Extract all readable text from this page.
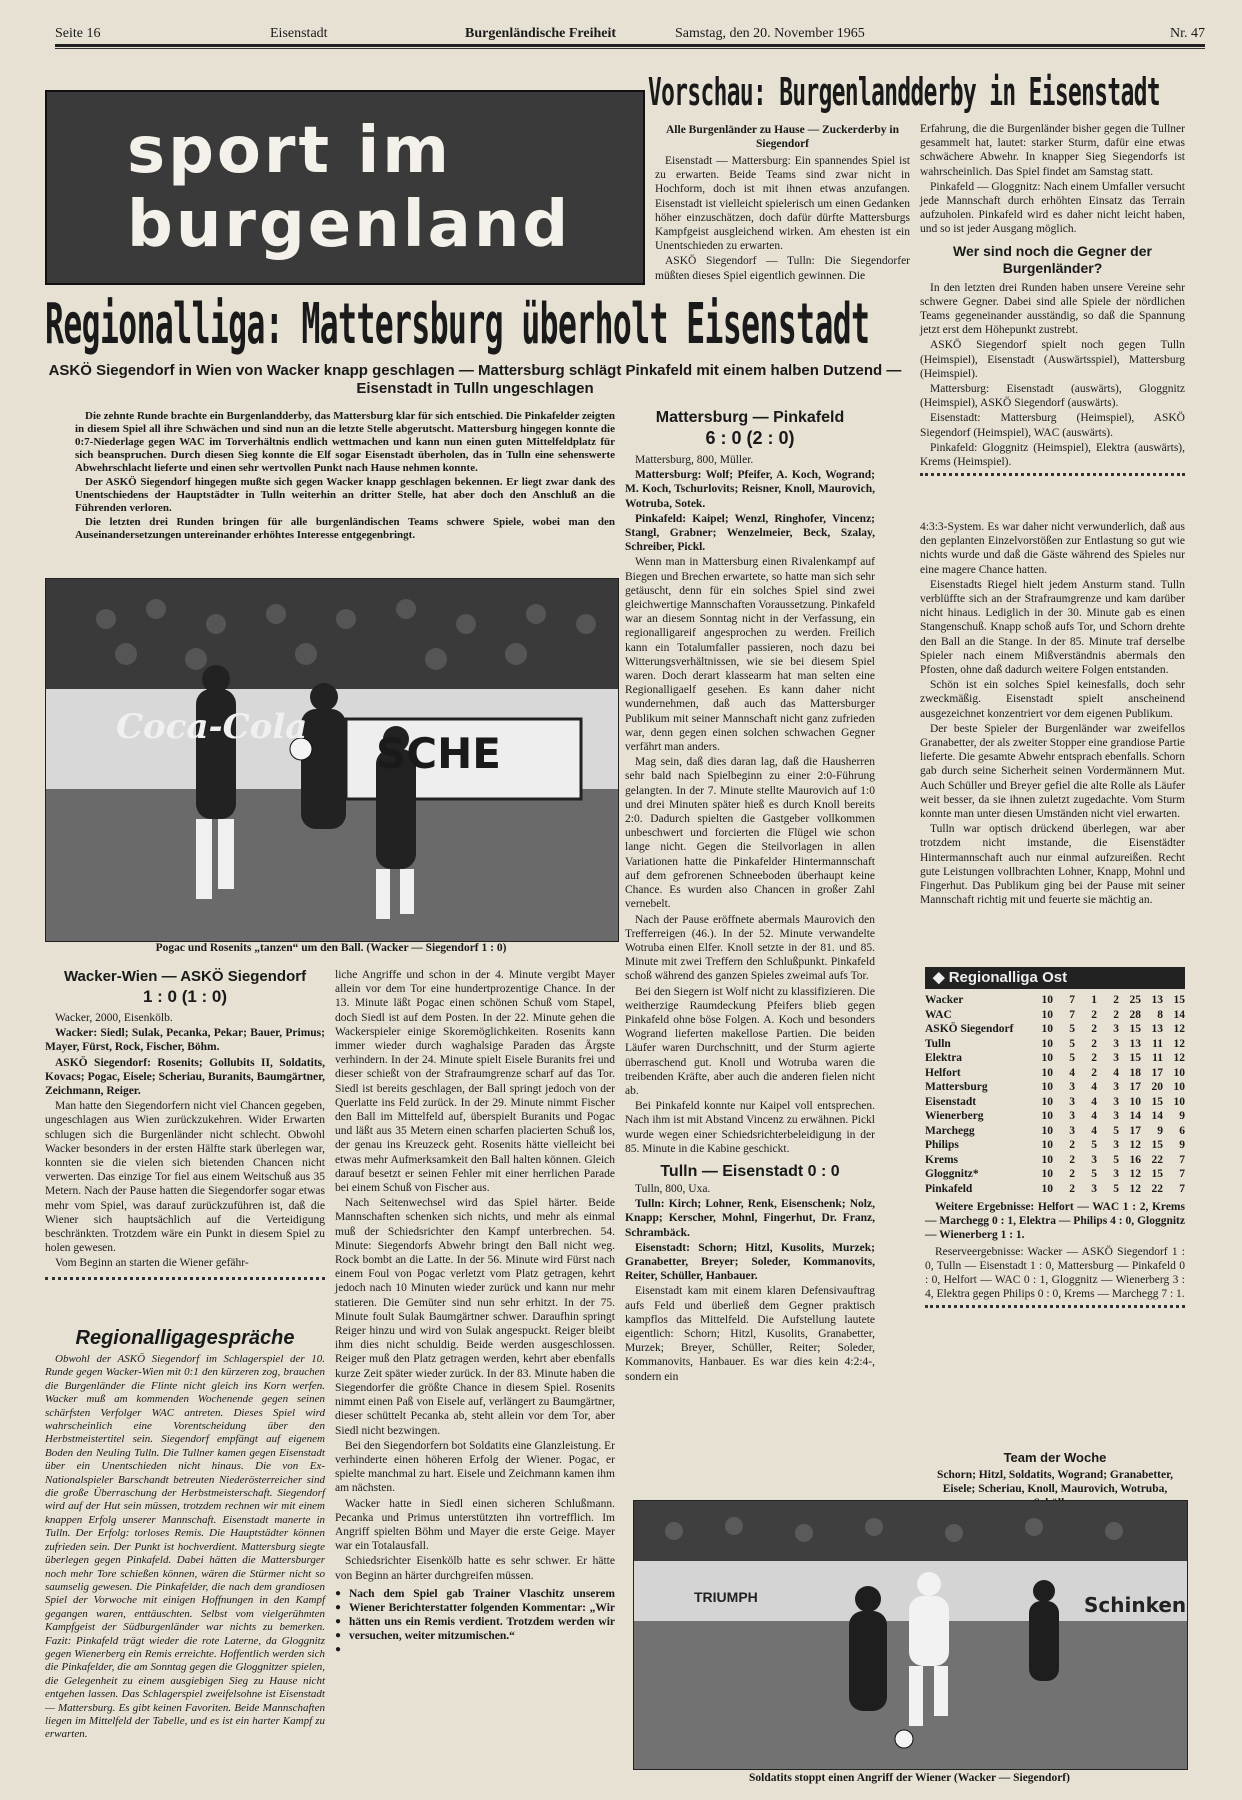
Seite 16	Eisenstadt	Burgenländische Freiheit	Samstag, den 20. November 1965	Nr. 47
sport im
burgenland
Vorschau: Burgenlandderby in Eisenstadt
Alle Burgenländer zu Hause — Zuckerderby in Siegendorf

Eisenstadt — Mattersburg: Ein spannendes Spiel ist zu erwarten. Beide Teams sind zwar nicht in Hochform, doch ist mit ihnen etwas anzufangen. Eisenstadt ist vielleicht spielerisch um einen Gedanken höher einzuschätzen, doch dafür dürfte Mattersburgs Kampfgeist ausgleichend wirken. Am ehesten ist ein Unentschieden zu erwarten.

ASKÖ Siegendorf — Tulln: Die Siegendorfer müßten dieses Spiel eigentlich gewinnen. Die

Erfahrung, die die Burgenländer bisher gegen die Tullner gesammelt hat, lautet: starker Sturm, dafür eine etwas schwächere Abwehr. In knapper Sieg Siegendorfs ist wahrscheinlich. Das Spiel findet am Samstag statt.

Pinkafeld — Gloggnitz: Nach einem Umfaller versucht jede Mannschaft durch erhöhten Einsatz das Terrain aufzuholen. Pinkafeld wird es daher nicht leicht haben, und so ist jeder Ausgang möglich.

Wer sind noch die Gegner der Burgenländer?

In den letzten drei Runden haben unsere Vereine sehr schwere Gegner. Dabei sind alle Spiele der nördlichen Teams gegeneinander ausständig, so daß die Spannung jetzt erst dem Höhepunkt zustrebt.

ASKÖ Siegendorf spielt noch gegen Tulln (Heimspiel), Eisenstadt (Auswärtsspiel), Mattersburg (Heimspiel).

Mattersburg: Eisenstadt (auswärts), Gloggnitz (Heimspiel), ASKÖ Siegendorf (auswärts).

Eisenstadt: Mattersburg (Heimspiel), ASKÖ Siegendorf (Heimspiel), WAC (auswärts).

Pinkafeld: Gloggnitz (Heimspiel), Elektra (auswärts), Krems (Heimspiel).

Regionalliga: Mattersburg überholt Eisenstadt
ASKÖ Siegendorf in Wien von Wacker knapp geschlagen — Mattersburg schlägt Pinkafeld mit einem halben Dutzend — Eisenstadt in Tulln ungeschlagen

Die zehnte Runde brachte ein Burgenlandderby, das Mattersburg klar für sich entschied. Die Pinkafelder zeigten in diesem Spiel all ihre Schwächen und sind nun an die letzte Stelle abgerutscht. Mattersburg hingegen konnte die 0:7-Niederlage gegen WAC im Torverhältnis endlich wettmachen und kann nun einen guten Mittelfeldplatz für sich beanspruchen. Durch diesen Sieg konnte die Elf sogar Eisenstadt überholen, das in Tulln eine sehenswerte Abwehrschlacht lieferte und einen sehr wertvollen Punkt nach Hause nehmen konnte.

Der ASKÖ Siegendorf hingegen mußte sich gegen Wacker knapp geschlagen bekennen. Er liegt zwar dank des Unentschiedens der Hauptstädter in Tulln weiterhin an dritter Stelle, hat aber doch den Anschluß an die Führenden verloren.

Die letzten drei Runden bringen für alle burgenländischen Teams schwere Spiele, wobei man den Auseinandersetzungen untereinander erhöhtes Interesse entgegenbringt.

Coca-Cola
SCHE
Pogac und Rosenits „tanzen“ um den Ball. (Wacker — Siegendorf 1 : 0)
Mattersburg — Pinkafeld
6 : 0 (2 : 0)

Mattersburg, 800, Müller.

Mattersburg: Wolf; Pfeifer, A. Koch, Wogrand; M. Koch, Tschurlovits; Reisner, Knoll, Maurovich, Wotruba, Sotek.

Pinkafeld: Kaipel; Wenzl, Ringhofer, Vincenz; Stangl, Grabner; Wenzelmeier, Beck, Szalay, Schreiber, Pickl.

Wenn man in Mattersburg einen Rivalenkampf auf Biegen und Brechen erwartete, so hatte man sich sehr getäuscht, denn für ein solches Spiel sind zwei gleichwertige Mannschaften Voraussetzung. Pinkafeld war an diesem Sonntag nicht in der Verfassung, ein regionalligareif angesprochen zu werden. Freilich kann ein Totalumfaller passieren, noch dazu bei Witterungsverhältnissen, wie sie bei diesem Spiel waren. Doch derart klassearm hat man selten eine Regionalligaelf gesehen. Es kann daher nicht wundernehmen, daß auch das Mattersburger Publikum mit seiner Mannschaft nicht ganz zufrieden war, denn gegen einen solchen schwachen Gegner verfährt man anders.

Mag sein, daß dies daran lag, daß die Hausherren sehr bald nach Spielbeginn zu einer 2:0-Führung gelangten. In der 7. Minute stellte Maurovich auf 1:0 und drei Minuten später hieß es durch Knoll bereits 2:0. Dadurch spielten die Gastgeber vollkommen unbeschwert und forcierten die Flügel wie schon lange nicht. Gegen die Steilvorlagen in allen Variationen hatte die Pinkafelder Hintermannschaft auf dem gefrorenen Schneeboden überhaupt keine Chance. Es wurden also Chancen in großer Zahl vernebelt.

Nach der Pause eröffnete abermals Maurovich den Trefferreigen (46.). In der 52. Minute verwandelte Wotruba einen Elfer. Knoll setzte in der 81. und 85. Minute mit zwei Treffern den Schlußpunkt. Pinkafeld schoß während des ganzen Spieles zweimal aufs Tor.

Bei den Siegern ist Wolf nicht zu klassifizieren. Die weitherzige Raumdeckung Pfeifers blieb gegen Pinkafeld ohne böse Folgen. A. Koch und besonders Wogrand lieferten makellose Partien. Die beiden Läufer waren Durchschnitt, und der Sturm agierte überraschend gut. Knoll und Wotruba waren die treibenden Kräfte, aber auch die anderen fielen nicht ab.

Bei Pinkafeld konnte nur Kaipel voll entsprechen. Nach ihm ist mit Abstand Vincenz zu erwähnen. Pickl wurde wegen einer Schiedsrichterbeleidigung in der 85. Minute in die Kabine geschickt.

Tulln — Eisenstadt 0 : 0

Tulln, 800, Uxa.

Tulln: Kirch; Lohner, Renk, Eisenschenk; Nolz, Knapp; Kerscher, Mohnl, Fingerhut, Dr. Franz, Schrambäck.

Eisenstadt: Schorn; Hitzl, Kusolits, Murzek; Granabetter, Breyer; Soleder, Kommanovits, Reiter, Schüller, Hanbauer.

Eisenstadt kam mit einem klaren Defensivauftrag aufs Feld und überließ dem Gegner praktisch kampflos das Mittelfeld. Die Aufstellung lautete eigentlich: Schorn; Hitzl, Kusolits, Granabetter, Murzek; Breyer, Schüller, Reiter; Soleder, Kommanovits, Hanbauer. Es war dies kein 4:2:4-, sondern ein

4:3:3-System. Es war daher nicht verwunderlich, daß aus den geplanten Einzelvorstößen zur Entlastung so gut wie nichts wurde und daß die Gäste während des Spieles nur eine magere Chance hatten.

Eisenstadts Riegel hielt jedem Ansturm stand. Tulln verblüffte sich an der Strafraumgrenze und kam darüber nicht hinaus. Lediglich in der 30. Minute gab es einen Stangenschuß. Knapp schoß aufs Tor, und Schorn drehte den Ball an die Stange. In der 85. Minute traf derselbe Spieler nach einem Mißverständnis abermals den Pfosten, ohne daß dadurch weitere Folgen entstanden.

Schön ist ein solches Spiel keinesfalls, doch sehr zweckmäßig. Eisenstadt spielt anscheinend ausgezeichnet konzentriert vor dem eigenen Publikum.

Der beste Spieler der Burgenländer war zweifellos Granabetter, der als zweiter Stopper eine grandiose Partie lieferte. Die gesamte Abwehr entsprach ebenfalls. Schorn gab durch seine Sicherheit seinen Vordermännern Mut. Auch Schüller und Breyer gefiel die alte Rolle als Läufer weit besser, da sie ihnen zuletzt zugedachte. Vom Sturm konnte man unter diesen Umständen nicht viel erwarten.

Tulln war optisch drückend überlegen, war aber trotzdem nicht imstande, die Eisenstädter Hintermannschaft auch nur einmal aufzureißen. Recht gute Leistungen vollbrachten Lohner, Knapp, Mohnl und Fingerhut. Das Publikum ging bei der Pause mit seiner Mannschaft richtig mit und feuerte sie mächtig an.

◆ Regionalliga Ost
Wacker	10	7	1	2	25	13	15
WAC	10	7	2	2	28	8	14
ASKÖ Siegendorf	10	5	2	3	15	13	12
Tulln	10	5	2	3	13	11	12
Elektra	10	5	2	3	15	11	12
Helfort	10	4	2	4	18	17	10
Mattersburg	10	3	4	3	17	20	10
Eisenstadt	10	3	4	3	10	15	10
Wienerberg	10	3	4	3	14	14	9
Marchegg	10	3	4	5	17	9	6
Philips	10	2	5	3	12	15	9
Krems	10	2	3	5	16	22	7
Gloggnitz*	10	2	5	3	12	15	7
Pinkafeld	10	2	3	5	12	22	7
Weitere Ergebnisse: Helfort — WAC 1 : 2, Krems — Marchegg 0 : 1, Elektra — Philips 4 : 0, Gloggnitz — Wienerberg 1 : 1.
Reserveergebnisse: Wacker — ASKÖ Siegendorf 1 : 0, Tulln — Eisenstadt 1 : 0, Mattersburg — Pinkafeld 0 : 0, Helfort — WAC 0 : 1, Gloggnitz — Wienerberg 3 : 4, Elektra gegen Philips 0 : 0, Krems — Marchegg 7 : 1.
Team der Woche
Schorn; Hitzl, Soldatits, Wogrand; Granabetter, Eisele; Scheriau, Knoll, Maurovich, Wotruba,
TRIUMPH	Schinken
Soldatits stoppt einen Angriff der Wiener (Wacker — Siegendorf)
Wacker-Wien — ASKÖ Siegendorf
1 : 0 (1 : 0)

Wacker, 2000, Eisenkölb.

Wacker: Siedl; Sulak, Pecanka, Pekar; Bauer, Primus; Mayer, Fürst, Rock, Fischer, Böhm.

ASKÖ Siegendorf: Rosenits; Gollubits II, Soldatits, Kovacs; Pogac, Eisele; Scheriau, Buranits, Baumgärtner, Zeichmann, Reiger.

Man hatte den Siegendorfern nicht viel Chancen gegeben, ungeschlagen aus Wien zurückzukehren. Wider Erwarten schlugen sich die Burgenländer nicht schlecht. Obwohl Wacker besonders in der ersten Hälfte stark überlegen war, konnten sie die vielen sich bietenden Chancen nicht verwerten. Das einzige Tor fiel aus einem Weitschuß aus 35 Metern. Nach der Pause hatten die Siegendorfer sogar etwas mehr vom Spiel, was darauf zurückzuführen ist, daß die Wiener sich hauptsächlich auf die Verteidigung beschränkten. Trotzdem wäre ein Punkt in diesem Spiel zu holen gewesen.

Vom Beginn an starten die Wiener gefähr-

Regionalligagespräche

Obwohl der ASKÖ Siegendorf im Schlagerspiel der 10. Runde gegen Wacker-Wien mit 0:1 den kürzeren zog, brauchen die Burgenländer die Flinte nicht gleich ins Korn werfen. Wacker muß am kommenden Wochenende gegen seinen schärfsten Verfolger WAC antreten. Dieses Spiel wird wahrscheinlich eine Vorentscheidung über den Herbstmeistertitel sein. Siegendorf empfängt auf eigenem Boden den Neuling Tulln. Die Tullner kamen gegen Eisenstadt über ein Unentschieden nicht hinaus. Die von Ex-Nationalspieler Barschandt betreuten Niederösterreicher sind die große Überraschung der Herbstmeisterschaft. Siegendorf wird auf der Hut sein müssen, trotzdem rechnen wir mit einem knappen Erfolg unserer Mannschaft. Eisenstadt manerte in Tulln. Der Erfolg: torloses Remis. Die Hauptstädter können zufrieden sein. Der Punkt ist hochverdient. Mattersburg siegte überlegen gegen Pinkafeld. Dabei hätten die Mattersburger noch mehr Tore schießen können, wären die Stürmer nicht so saumselig gewesen. Die Pinkafelder, die nach dem grandiosen Spiel der Vorwoche mit einigen Hoffnungen in den Kampf gegangen waren, enttäuschten. Selbst vom vielgerühmten Kampfgeist der Südburgenländer war nichts zu bemerken. Fazit: Pinkafeld trägt wieder die rote Laterne, da Gloggnitz gegen Wienerberg ein Remis erreichte. Hoffentlich werden sich die Pinkafelder, die am Sonntag gegen die Gloggnitzer spielen, die Gelegenheit zu einem ausgiebigen Sieg zu Hause nicht entgehen lassen. Das Schlagerspiel zweifelsohne ist Eisenstadt — Mattersburg. Es gibt keinen Favoriten. Beide Mannschaften liegen im Mittelfeld der Tabelle, und es ist ein harter Kampf zu erwarten.

liche Angriffe und schon in der 4. Minute vergibt Mayer allein vor dem Tor eine hundertprozentige Chance. In der 13. Minute läßt Pogac einen schönen Schuß vom Stapel, doch Siedl ist auf dem Posten. In der 22. Minute gehen die Wackerspieler einige Skoremöglichkeiten. Rosenits kann immer wieder durch waghalsige Paraden das Ärgste verhindern. In der 24. Minute spielt Eisele Buranits frei und dieser schießt von der Strafraumgrenze scharf auf das Tor. Siedl ist bereits geschlagen, der Ball springt jedoch von der Querlatte ins Feld zurück. In der 29. Minute nimmt Fischer den Ball im Mittelfeld auf, überspielt Buranits und Pogac und läßt aus 35 Metern einen scharfen placierten Schuß los, der genau ins Kreuzeck geht. Rosenits hätte vielleicht bei etwas mehr Aufmerksamkeit den Ball halten können. Gleich darauf besetzt er seinen Fehler mit einer herrlichen Parade bei einem Schuß von Fischer aus.

Nach Seitenwechsel wird das Spiel härter. Beide Mannschaften schenken sich nichts, und mehr als einmal muß der Schiedsrichter den Kampf unterbrechen. 54. Minute: Siegendorfs Abwehr bringt den Ball nicht weg. Rock bombt an die Latte. In der 56. Minute wird Fürst nach einem Foul von Pogac verletzt vom Platz getragen, kehrt jedoch nach 10 Minuten wieder zurück und kann nur mehr statieren. Die Gemüter sind nun sehr erhitzt. In der 75. Minute foult Sulak Baumgärtner schwer. Daraufhin springt Reiger hinzu und wird von Sulak angespuckt. Reiger bleibt ihm dies nicht schuldig. Beide werden ausgeschlossen. Reiger muß den Platz getragen werden, kehrt aber ebenfalls kurze Zeit später wieder zurück. In der 83. Minute haben die Siegendorfer die größte Chance in diesem Spiel. Rosenits nimmt einen Paß von Eisele auf, verlängert zu Baumgärtner, dieser schüttelt Pecanka ab, steht allein vor dem Tor, aber Siedl nicht bezwingen.

Bei den Siegendorfern bot Soldatits eine Glanzleistung. Er verhinderte einen höheren Erfolg der Wiener. Pogac, er spielte manchmal zu hart. Eisele und Zeichmann kamen ihm am nächsten.

Wacker hatte in Siedl einen sicheren Schlußmann. Pecanka und Primus unterstützten ihn vortrefflich. Im Angriff spielten Böhm und Mayer die erste Geige. Mayer war ein Totalausfall.

Schiedsrichter Eisenkölb hatte es sehr schwer. Er hätte von Beginn an härter durchgreifen müssen.

●
●
●
●
●
Nach dem Spiel gab Trainer Vlaschitz unserem Wiener Berichterstatter folgenden Kommentar: „Wir hätten uns ein Remis verdient. Trotzdem werden wir versuchen, weiter mitzumischen.“
